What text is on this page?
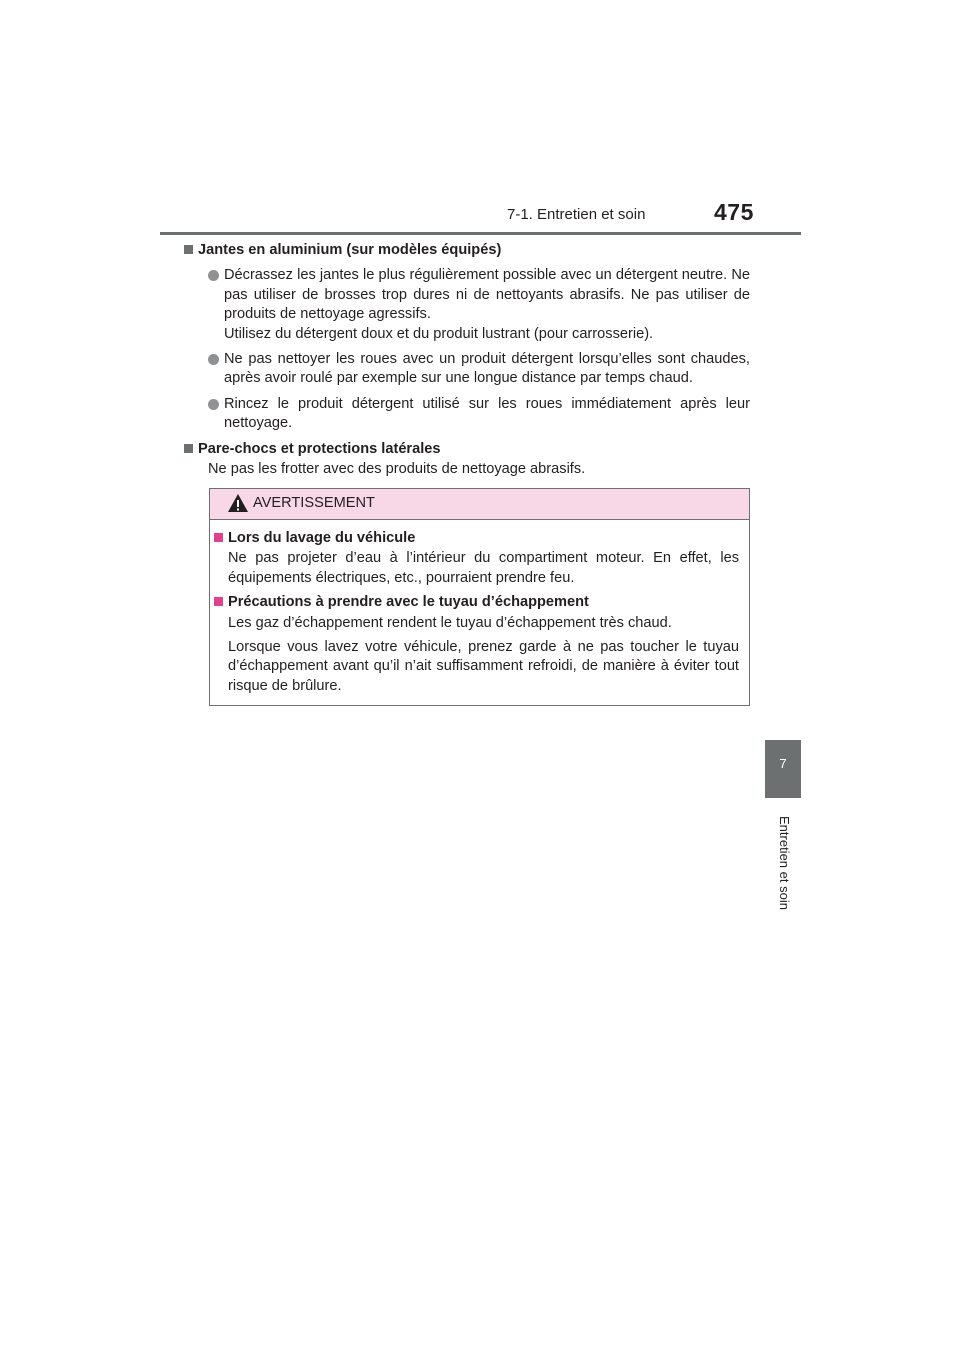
7-1. Entretien et soin	475
7
Entretien et soin
Jantes en aluminium (sur modèles équipés)
Décrassez les jantes le plus régulièrement possible avec un détergent neutre. Ne pas utiliser de brosses trop dures ni de nettoyants abrasifs. Ne pas utiliser de produits de nettoyage agressifs.
Utilisez du détergent doux et du produit lustrant (pour carrosserie).
Ne pas nettoyer les roues avec un produit détergent lorsqu’elles sont chaudes, après avoir roulé par exemple sur une longue distance par temps chaud.
Rincez le produit détergent utilisé sur les roues immédiatement après leur nettoyage.
Pare-chocs et protections latérales
Ne pas les frotter avec des produits de nettoyage abrasifs.
AVERTISSEMENT
Lors du lavage du véhicule
Ne pas projeter d’eau à l’intérieur du compartiment moteur. En effet, les équipements électriques, etc., pourraient prendre feu.
Précautions à prendre avec le tuyau d’échappement
Les gaz d’échappement rendent le tuyau d’échappement très chaud.
Lorsque vous lavez votre véhicule, prenez garde à ne pas toucher le tuyau d’échappement avant qu’il n’ait suffisamment refroidi, de manière à éviter tout risque de brûlure.
